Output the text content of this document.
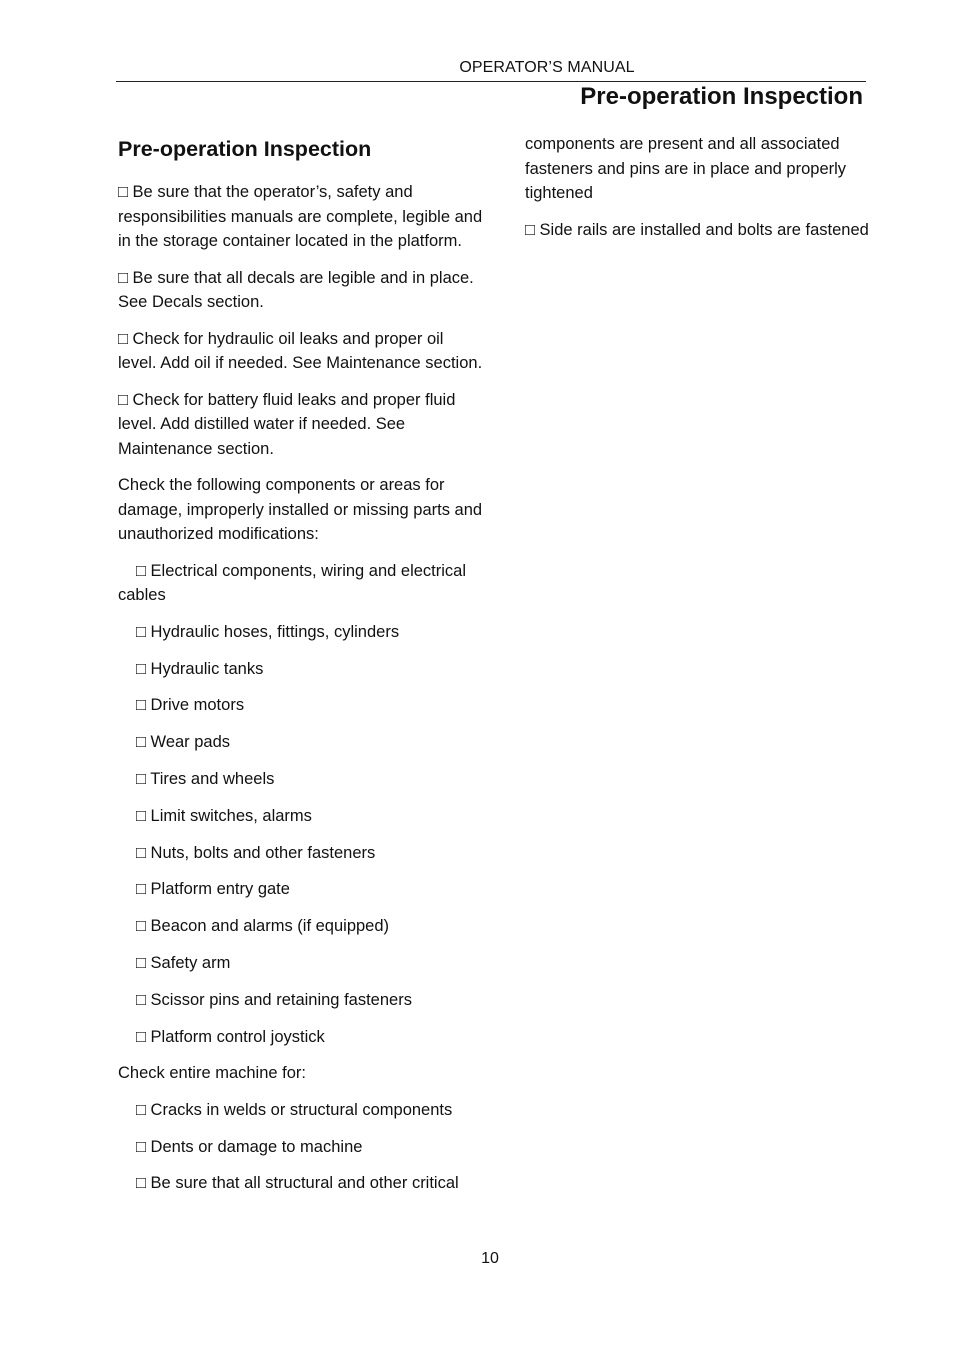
OPERATOR’S MANUAL
Pre-operation Inspection
Pre-operation Inspection

□ Be sure that the operator’s, safety and responsibilities manuals are complete, legible and in the storage container located in the platform.

□ Be sure that all decals are legible and in place. See Decals section.

□ Check for hydraulic oil leaks and proper oil level. Add oil if needed. See Maintenance section.

□ Check for battery fluid leaks and proper fluid level. Add distilled water if needed. See Maintenance section.

Check the following components or areas for damage, improperly installed or missing parts and unauthorized modifications:

□ Electrical components, wiring and electrical cables

□ Hydraulic hoses, fittings, cylinders

□ Hydraulic tanks

□ Drive motors

□ Wear pads

□ Tires and wheels

□ Limit switches, alarms

□ Nuts, bolts and other fasteners

□ Platform entry gate

□ Beacon and alarms (if equipped)

□ Safety arm

□ Scissor pins and retaining fasteners

□ Platform control joystick

Check entire machine for:

□ Cracks in welds or structural components

□ Dents or damage to machine

□ Be sure that all structural and other critical

components are present and all associated fasteners and pins are in place and properly tightened

□ Side rails are installed and bolts are fastened

10
